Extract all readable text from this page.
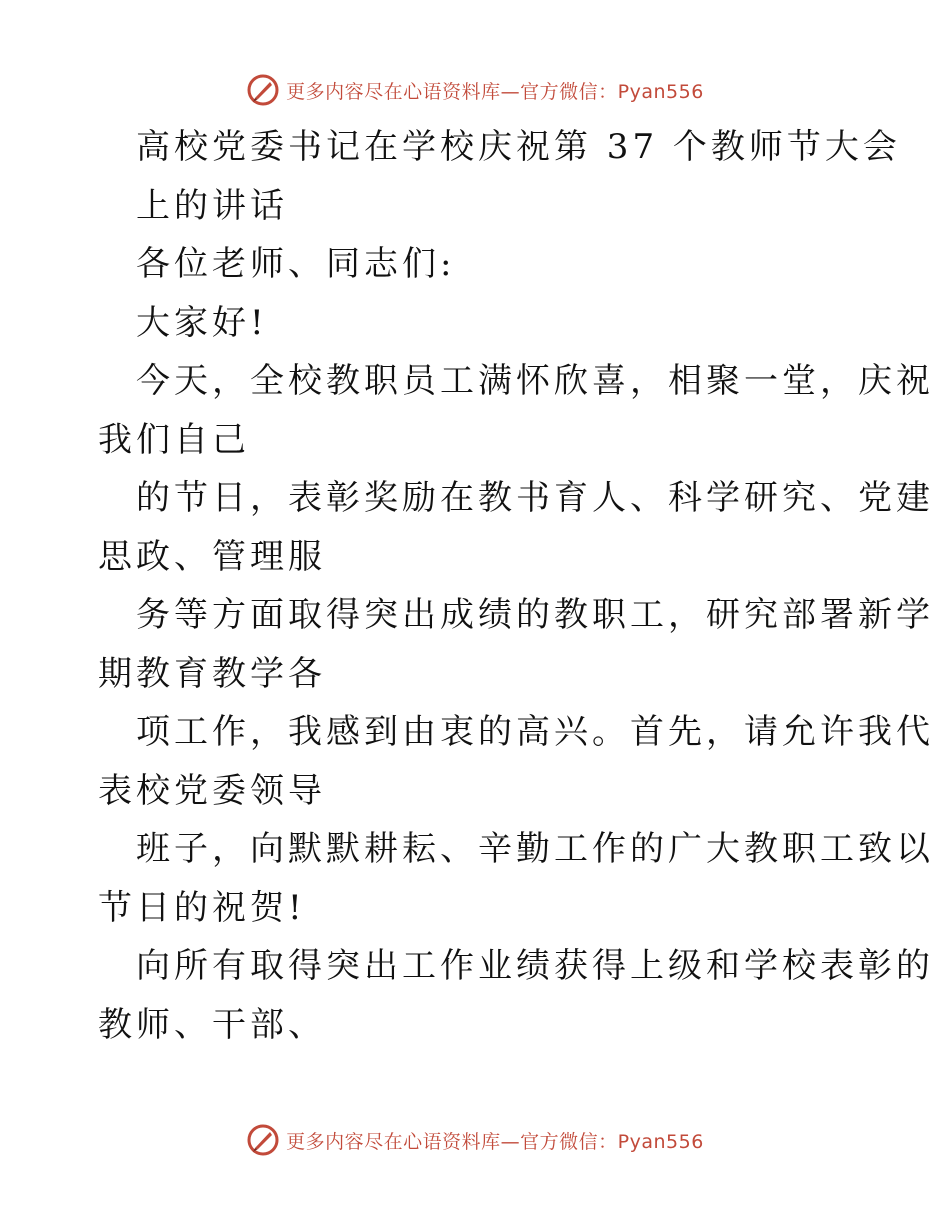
更多内容尽在心语资料库—官方微信：Pyan556
高校党委书记在学校庆祝第 37 个教师节大会
上的讲话
各位老师、同志们:
大家好!
今天，全校教职员工满怀欣喜，相聚一堂，庆祝
我们自己
的节日，表彰奖励在教书育人、科学研究、党建
思政、管理服
务等方面取得突出成绩的教职工，研究部署新学
期教育教学各
项工作，我感到由衷的高兴。首先，请允许我代
表校党委领导
班子，向默默耕耘、辛勤工作的广大教职工致以
节日的祝贺!
向所有取得突出工作业绩获得上级和学校表彰的
教师、干部、
更多内容尽在心语资料库—官方微信：Pyan556
